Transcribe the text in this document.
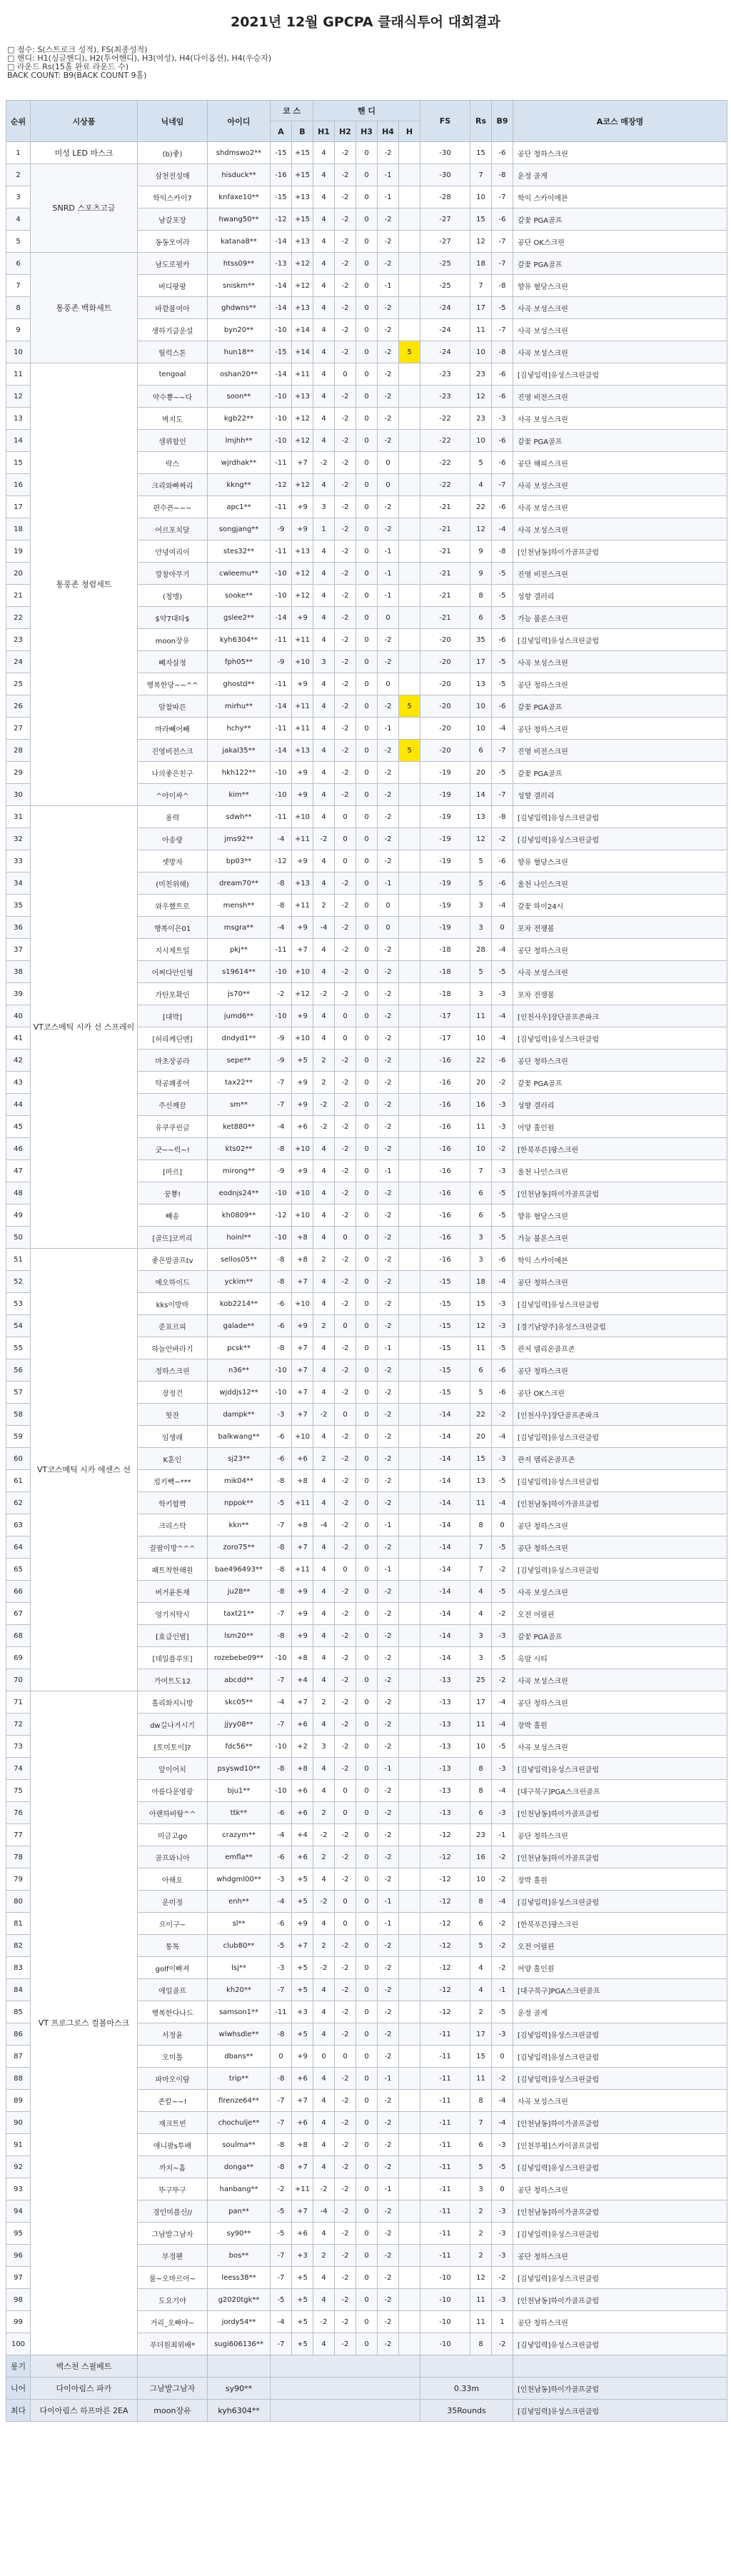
2021년 12월 GPCPA 클래식투어 대회결과
□ 점수: S(스트로크 성적), FS(최종성적)
□ 핸디: H1(싱글핸디), H2(투어핸디), H3(여성), H4(다이옵션), H4(우승자)
□ 라운드 Rs(15홀 완료 라운드 수)
BACK COUNT: B9(BACK COUNT 9홀)
순위	시상품	닉네임	아이디	코 스		핸 디					FS	Rs	B9	A코스 매장명
				A	B	H1	H2	H3	H4	H				
1	미성 LED 마스크	(b)좋)	shdmswo2**	-15	+15	4	-2	0	-2		-30	15	-6	공단 청하스크린
2	SNRD 스포츠고글	삼천전성매	hisduck**	-16	+15	4	-2	0	-1		-30	7	-8	운정 골게
3		학익스카이7	knfaxe10**	-15	+13	4	-2	0	-1		-28	10	-7	학익 스카이에븐
4		남갈포장	hwang50**	-12	+15	4	-2	0	-2		-27	15	-6	갈꽃 PGA골프
5		동동모여라	katana8**	-14	+13	4	-2	0	-2		-27	12	-7	공단 OK스크린
6	통풍존 백화세트	남도로펌카	htss09**	-13	+12	4	-2	0	-2		-25	18	-7	갈꽃 PGA골프
7		버디팡팡	sniskm**	-14	+12	4	-2	0	-1		-25	7	-8	향유 혈당스크린
8		바깥볼여아	ghdwns**	-14	+13	4	-2	0	-2		-24	17	-5	사곡 보성스크린
9		생하기클운설	byn20**	-10	+14	4	-2	0	-2		-24	11	-7	사곡 보성스크린
10		틸럭스톤	hun18**	-15	+14	4	-2	0	-2	5	-24	10	-8	사곡 보성스크린
11	통풍존 청렴세트	tengoal	oshan20**	-14	+11	4	0	0	-2		-23	23	-6	[김넣입력]유성스크린클럽
12		약수뿅~~다	soon**	-10	+13	4	-2	0	-2		-23	12	-6	진영 비전스크린
13		벽지도	kgb22**	-10	+12	4	-2	0	-2		-22	23	-3	사곡 보성스크린
14		샘위할인	lmjhh**	-10	+12	4	-2	0	-2		-22	10	-6	갈꽃 PGA골프
15		락스	wjrdhak**	-11	+7	-2	-2	0	0		-22	5	-6	공단 해피스크린
16		크리와빠짜리	kkng**	-12	+12	4	-2	0	0		-22	4	-7	사곡 보성스크린
17		편수픈~~~	apc1**	-11	+9	3	-2	0	-2		-21	22	-6	사곡 보성스크린
18		어르포치달	songjang**	-9	+9	1	-2	0	-2		-21	12	-4	사곡 보성스크린
19		안녕여리이	stes32**	-11	+13	4	-2	0	-1		-21	9	-8	[인천남동]하이가골프클럽
20		깡창아무기	cwleemu**	-10	+12	4	-2	0	-1		-21	9	-5	진영 비전스크린
21		(청맹)	sooke**	-10	+12	4	-2	0	-1		-21	8	-5	성향 갤러리
22		$약7대타$	gslee2**	-14	+9	4	-2	0	0		-21	6	-5	가능 불론스크린
23		moon장유	kyh6304**	-11	+11	4	-2	0	-2		-20	35	-6	[김넣입력]유성스크린클럽
24		빼자살정	fph05**	-9	+10	3	-2	0	-2		-20	17	-5	사곡 보성스크린
25		행복한당~~^^	ghostd**	-11	+9	4	-2	0	0		-20	13	-5	공단 청하스크린
26		암찹따른	mirhu**	-14	+11	4	-2	0	-2	5	-20	10	-6	갈꽃 PGA골프
27		마라빼어빼	hchy**	-11	+11	4	-2	0	-1		-20	10	-4	공단 청하스크린
28		진영비전스크	jakal35**	-14	+13	4	-2	0	-2	5	-20	6	-7	진영 비전스크린
29		나의좋은친구	hkh122**	-10	+9	4	-2	0	-2		-19	20	-5	갈꽃 PGA골프
30		^아이싸^	kim**	-10	+9	4	-2	0	-2		-19	14	-7	성향 갤러리
31	VT코스메틱 시카 선 스프레이	용력	sdwh**	-11	+10	4	0	0	-2		-19	13	-8	[김넣입력]유성스크린클럽
32		아송랑	jms92**	-4	+11	-2	0	0	-2		-19	12	-2	[김넣입력]유성스크린클럽
33		셋방자	bp03**	-12	+9	4	0	0	-2		-19	5	-6	향유 혈당스크린
34		(미친위해)	dream70**	-8	+13	4	-2	0	-1		-19	5	-6	울천 나인스크린
35		와우했트로	mensh**	-8	+11	2	-2	0	0		-19	3	-4	갈꽃 하이24시
36		행복이은01	msgra**	-4	+9	-4	-2	0	0		-19	3	0	포차 전쟁볼
37		지시제트일	pkj**	-11	+7	4	-2	0	-2		-18	28	-4	공단 청하스크린
38		어쩌다안인형	s19614**	-10	+10	4	-2	0	-2		-18	5	-5	사곡 보성스크린
39		가탄포확인	js70**	-2	+12	-2	-2	0	-2		-18	3	-3	포차 전쟁볼
40		[대박]	jumd6**	-10	+9	4	0	0	-2		-17	11	-4	[인천사우]장단골프존파크
41		[허리께딘맨]	dndyd1**	-9	+10	4	0	0	-2		-17	10	-4	[김넣입력]유성스크린클럽
42		마초장공라	sepe**	-9	+5	2	-2	0	-2		-16	22	-6	공단 청하스크린
43		탁공쾌종어	tax22**	-7	+9	2	-2	0	-2		-16	20	-2	갈꽃 PGA골프
44		주신께끔	sm**	-7	+9	-2	-2	0	-2		-16	16	-3	성향 갤러리
45		유쿠쿠린글	ket880**	-4	+6	-2	-2	0	-2		-16	11	-3	어양 홀인원
46		굿~~럭~!	kts02**	-8	+10	4	-2	0	-2		-16	10	-2	[한북푸른]팡스크린
47		[마르]	mirong**	-9	+9	4	-2	0	-1		-16	7	-3	울천 나인스크린
48		꿍뿅!	eodnjs24**	-10	+10	4	-2	0	-2		-16	6	-5	[인천남동]하이가골프클럽
49		빼송	kh0809**	-12	+10	4	-2	0	-2		-16	6	-5	향유 혈당스크린
50		[골뜨]코끼리	hoinl**	-10	+8	4	0	0	-2		-16	3	-5	가능 불론스크린
51	VT코스메틱 시카 에센스 선	좋은말골프tv	sellos05**	-8	+8	2	-2	0	-2		-16	3	-6	학익 스카이에븐
52		예오하이드	yckim**	-8	+7	4	-2	0	-2		-15	18	-4	공단 청하스크린
53		kks이방마	kob2214**	-6	+10	4	-2	0	-2		-15	15	-3	[김넣입력]유성스크린클럽
54		준표르피	galade**	-6	+9	2	0	0	-2		-15	12	-3	[경기남양주]유성스크린클럽
55		하늘안바라기	pcsk**	-8	+7	4	-2	0	-1		-15	11	-5	관저 델리온골프존
56		정하스크린	n36**	-10	+7	4	-2	0	-2		-15	6	-6	공단 청하스크린
57		장정건	wjddjs12**	-10	+7	4	-2	0	-2		-15	5	-6	공단 OK스크린
58		핫잔	dampk**	-3	+7	-2	0	0	-2		-14	22	-2	[인천사우]장단골프존파크
59		임생래	balkwang**	-6	+10	4	-2	0	-2		-14	20	-4	[김넣입력]유성스크린클럽
60		K훈인	sj23**	-6	+6	2	-2	0	-2		-14	15	-3	관저 델리온골프존
61		킹키빽~***	mik04**	-8	+8	4	-2	0	-2		-14	13	-5	[김넣입력]유성스크린클럽
62		학키합짝	nppok**	-5	+11	4	-2	0	-2		-14	11	-4	[인천남동]하이가골프클럽
63		크리스탁	kkn**	-7	+8	-4	-2	0	-1		-14	8	0	공단 청하스크린
64		끌팔이방^^^	zoro75**	-8	+7	4	-2	0	-2		-14	7	-5	공단 청하스크린
65		패트착한해원	bae496493**	-8	+11	4	0	0	-1		-14	7	-2	[김넣입력]유성스크린클럽
66		버거윤돈재	ju28**	-8	+9	4	-2	0	-2		-14	4	-5	사곡 보성스크린
67		엉기저탁시	taxt21**	-7	+9	4	-2	0	-2		-14	4	-2	오전 어필핀
68		[효급인범]	lsm20**	-8	+9	4	-2	0	-2		-14	3	-3	갈꽃 PGA골프
69		[데일플루또]	rozebebe09**	-10	+8	4	-2	0	-2		-14	3	-5	옥암 시티
70		가여트도12	abcdd**	-7	+4	4	-2	0	-2		-13	25	-2	사곡 보성스크린
71	VT 프로그로스 컬볼마스크	홀리화지니방	skc05**	-4	+7	2	-2	0	-2		-13	17	-4	공단 청하스크린
72		dw길나거시기	jjyy08**	-7	+6	4	-2	0	-2		-13	11	-4	장박 홀원
73		[토미토이]?	fdc56**	-10	+2	3	-2	0	-2		-13	10	-5	사곡 보성스크린
74		앞이어치	psyswd10**	-8	+8	4	-2	0	-1		-13	8	-3	[김넣입력]유성스크린클럽
75		아름다운영광	bju1**	-10	+6	4	0	0	-2		-13	8	-4	[대구북구]PGA스크린골프
76		아랜하바탐^^	ttk**	-6	+6	2	0	0	-2		-13	6	-3	[인천남동]하이가골프클럽
77		미금고go	crazym**	-4	+4	-2	-2	0	-2		-12	23	-1	공단 청하스크린
78		골프와니아	emfla**	-6	+6	2	-2	0	-2		-12	16	-2	[인천남동]하이가골프클럽
79		아해요	whdgml00**	-3	+5	4	-2	0	-2		-12	10	-2	장박 홀원
80		운미정	enh**	-4	+5	-2	0	0	-1		-12	8	-4	[김넣입력]유성스크린클럽
81		으이구~	sl**	-6	+9	4	0	0	-1		-12	6	-2	[한북푸른]팡스크린
82		통톡	club80**	-5	+7	2	-2	0	-2		-12	5	-2	오전 어필핀
83		golf이빠져	lsj**	-3	+5	-2	-2	0	-2		-12	4	-2	어양 홀인원
84		애일골프	kh20**	-7	+5	4	-2	0	-2		-12	4	-1	[대구북구]PGA스크린골프
85		행복한다나드	samson1**	-11	+3	4	-2	0	-2		-12	2	-5	운정 골게
86		서정윤	wlwhsdle**	-8	+5	4	-2	0	-2		-11	17	-3	[김넣입력]유성스크린클럽
87		오미톨	dbans**	0	+9	0	0	0	-2		-11	15	0	[김넣입력]유성스크린클럽
88		파마오이탐	trip**	-8	+6	4	-2	0	-1		-11	11	-2	[김넣입력]유성스크린클럽
89		존칼~~!	firenze64**	-7	+7	4	-2	0	-2		-11	8	-4	사곡 보성스크린
90		재크트빈	chochulje**	-7	+6	4	-2	0	-2		-11	7	-4	[인천남동]하이가골프클럽
91		애니팔s투배	soulma**	-8	+8	4	-2	0	-2		-11	6	-3	[인천부평]스카이골프클럽
92		까치~홈	donga**	-8	+7	4	-2	0	-2		-11	5	-5	[김넣입력]유성스크린클럽
93		뚜구뚜구	hanbang**	-2	+11	-2	-2	0	-1		-11	3	0	공단 청하스크린
94		경인미플신//	pan**	-5	+7	-4	-2	0	-2		-11	2	-3	[인천남동]하이가골프클럽
95		그남발그남자	sy90**	-5	+6	4	-2	0	-2		-11	2	-3	[김넣입력]유성스크린클럽
96		부경팬	bos**	-7	+3	2	-2	0	-2		-11	2	-3	공단 청하스크린
97		룰~오마르어~	leess38**	-7	+5	4	-2	0	-2		-10	12	-2	[김넣입력]유성스크린클럽
98		도요기야	g2020tgk**	-5	+5	4	-2	0	-2		-10	11	-3	[인천남동]하이가골프클럽
99		거리_오빠야~	jordy54**	-4	+5	-2	-2	0	-2		-10	11	1	공단 청하스크린
100		푸더원최위배*	sugi606136**	-7	+5	4	-2	0	-2		-10	8	-2	[김넣입력]유성스크린클럽
롱기	벡스천 스필베트													
니어	다이아림스 파카	그남발그남자	sy90**								0.33m			[인천남동]하이가골프클럽
최다	다이아림스 하프마른 2EA	moon장유	kyh6304**								35Rounds			[김넣입력]유성스크린클럽
